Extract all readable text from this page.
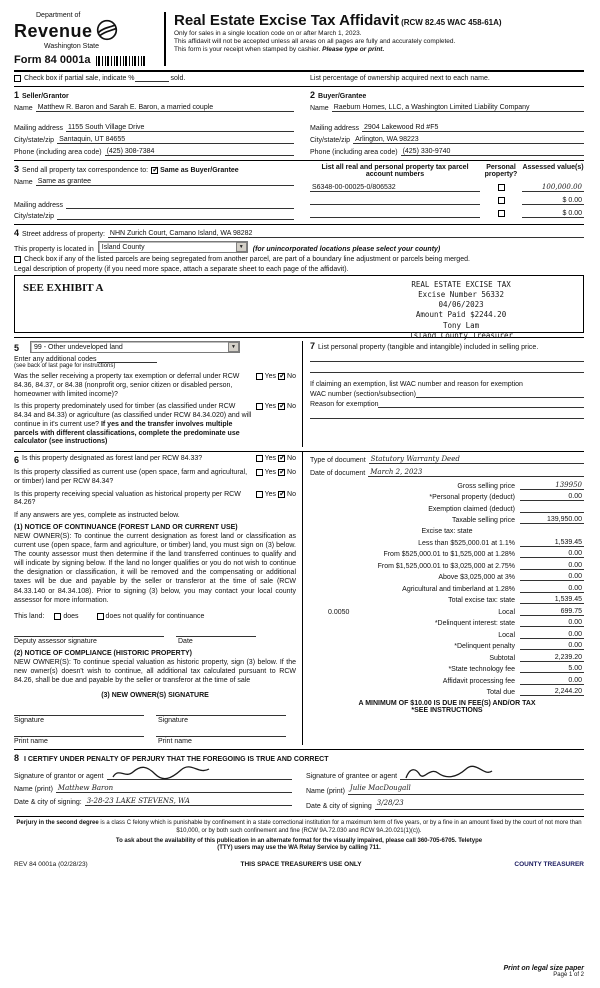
Department of
Revenue
Washington State
Form 84 0001a
Real Estate Excise Tax Affidavit (RCW 82.45 WAC 458-61A)
Only for sales in a single location code on or after March 1, 2023.
This affidavit will not be accepted unless all areas on all pages are fully and accurately completed.
This form is your receipt when stamped by cashier. Please type or print.
Check box if partial sale, indicate %	sold.	List percentage of ownership acquired next to each name.
1 Seller/Grantor
Name Matthew R. Baron and Sarah E. Baron, a married couple
Mailing address 1155 South Village Drive
City/state/zip Santaquin, UT 84655
Phone (including area code) (425) 308-7384
2 Buyer/Grantee
Name Raeburn Homes, LLC, a Washington Limited Liability Company
Mailing address 2904 Lakewood Rd #F5
City/state/zip Arlington, WA 98223
Phone (including area code) (425) 330-9740
3 Send all property tax correspondence to: ✓ Same as Buyer/Grantee
Name Same as grantee
Mailing address
City/state/zip
List all real and personal property tax parcel account numbers
Personal property?
Assessed value(s)
S6348-00-00025-0/806532	100,000.00
$ 0.00
$ 0.00
4 Street address of property: NHN Zurich Court, Camano Island, WA 98282
This property is located in Island County	▼	(for unincorporated locations please select your county)
Check box if any of the listed parcels are being segregated from another parcel, are part of a boundary line adjustment or parcels being merged.
Legal description of property (if you need more space, attach a separate sheet to each page of the affidavit).
SEE EXHIBIT A	REAL ESTATE EXCISE TAX
Excise Number 56332
04/06/2023
Amount Paid $2244.20
Tony Lam
Island County Treasurer
5 99 - Other undeveloped land	▼
Enter any additional codes
(see back of last page for instructions)
Was the seller receiving a property tax exemption or deferral under RCW 84.36, 84.37, or 84.38 (nonprofit org, senior citizen or disabled person, homeowner with limited income)?
Yes ✓ No
Is this property predominately used for timber (as classified under RCW 84.34 and 84.33) or agriculture (as classified under RCW 84.34.020) and will continue in it's current use? If yes and the transfer involves multiple parcels with different classifications, complete the predominate use calculator (see instructions)
Yes ✓ No
7 List personal property (tangible and intangible) included in selling price.
If claiming an exemption, list WAC number and reason for exemption
WAC number (section/subsection)
Reason for exemption
6 Is this property designated as forest land per RCW 84.33?	Yes ✓ No
Is this property classified as current use (open space, farm and agricultural, or timber) land per RCW 84.34?
Yes ✓ No
Is this property receiving special valuation as historical property per RCW 84.26?
Yes ✓ No
If any answers are yes, complete as instructed below.
(1) NOTICE OF CONTINUANCE (FOREST LAND OR CURRENT USE)
NEW OWNER(S): To continue the current designation as forest land or classification as current use (open space, farm and agriculture, or timber) land, you must sign on (3) below. The county assessor must then determine if the land transferred continues to qualify and will indicate by signing below. If the land no longer qualifies or you do not wish to continue the designation or classification, it will be removed and the compensating or additional taxes will be due and payable by the seller or transferor at the time of sale (RCW 84.33.140 or 84.34.108). Prior to signing (3) below, you may contact your local county assessor for more information.
This land:	does	does not qualify for continuance
Deputy assessor signature	Date
(2) NOTICE OF COMPLIANCE (HISTORIC PROPERTY)
NEW OWNER(S): To continue special valuation as historic property, sign (3) below. If the new owner(s) doesn't wish to continue, all additional tax calculated pursuant to RCW 84.26, shall be due and payable by the seller or transferor at the time of sale
(3) NEW OWNER(S) SIGNATURE
Signature	Signature
Print name	Print name
Type of document Statutory Warranty Deed
Date of document March 2, 2023
Gross selling price	139950
*Personal property (deduct)	0.00
Exemption claimed (deduct)
Taxable selling price	139,950.00
Excise tax: state
Less than $525,000.01 at 1.1%	1,539.45
From $525,000.01 to $1,525,000 at 1.28%	0.00
From $1,525,000.01 to $3,025,000 at 2.75%	0.00
Above $3,025,000 at 3%	0.00
Agricultural and timberland at 1.28%	0.00
Total excise tax: state	1,539.45
0.0050	Local	699.75
*Delinquent interest: state	0.00
Local	0.00
*Delinquent penalty	0.00
Subtotal	2,239.20
*State technology fee	5.00
Affidavit processing fee	0.00
Total due	2,244.20
A MINIMUM OF $10.00 IS DUE IN FEE(S) AND/OR TAX
*SEE INSTRUCTIONS
8 I CERTIFY UNDER PENALTY OF PERJURY THAT THE FOREGOING IS TRUE AND CORRECT
Signature of grantor or agent
Name (print) Matthew Baron
Date & city of signing: 3-28-23 LAKE STEVENS, WA
Signature of grantee or agent
Name (print) Julie MacDougall
Date & city of signing 3/28/23
Perjury in the second degree is a class C felony which is punishable by confinement in a state correctional institution for a maximum term of five years, or by a fine in an amount fixed by the court of not more than $10,000, or by both such confinement and fine (RCW 9A.72.030 and RCW 9A.20.021(1)(c)).
To ask about the availability of this publication in an alternate format for the visually impaired, please call 360-705-6705. Teletype
(TTY) users may use the WA Relay Service by calling 711.
REV 84 0001a (02/28/23)	THIS SPACE TREASURER'S USE ONLY	COUNTY TREASURER
Print on legal size paper
Page 1 of 2
